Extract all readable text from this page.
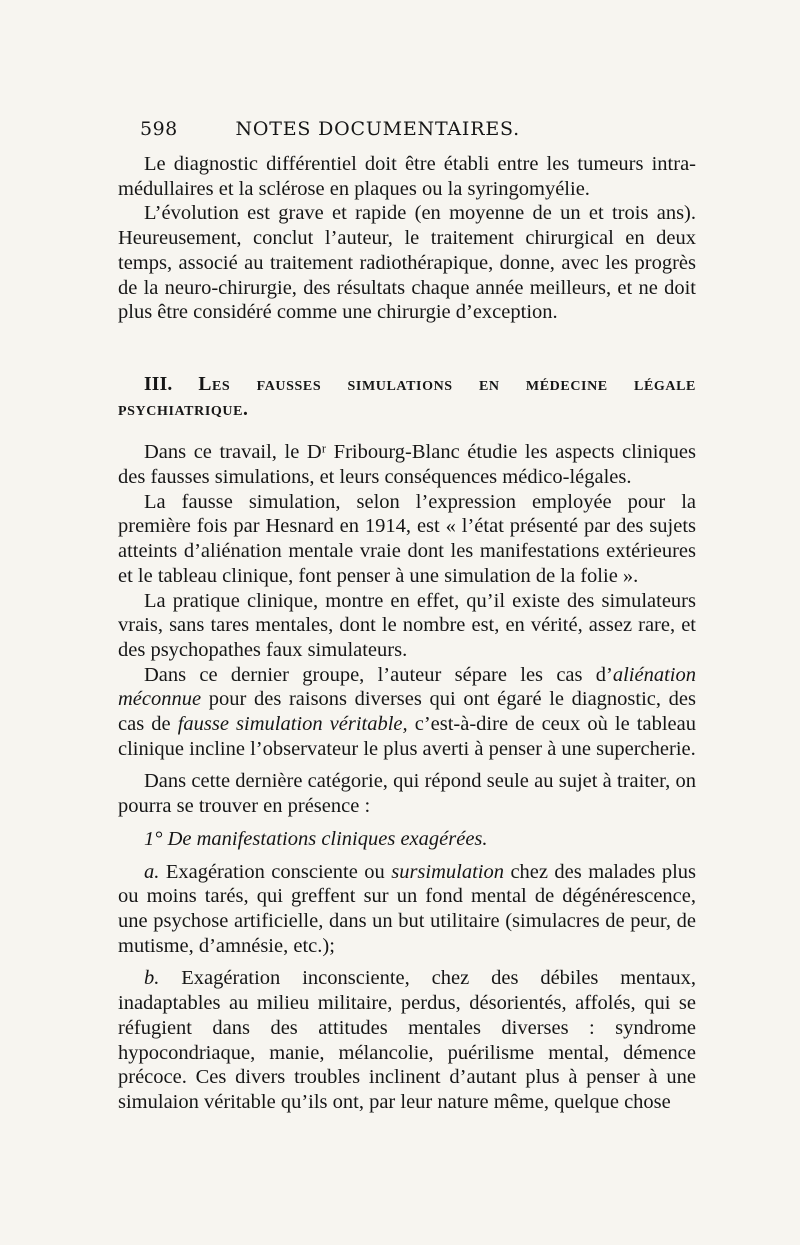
598	NOTES DOCUMENTAIRES.

Le diagnostic différentiel doit être établi entre les tumeurs intra-médullaires et la sclérose en plaques ou la syringomyélie.

L’évolution est grave et rapide (en moyenne de un et trois ans). Heureusement, conclut l’auteur, le traitement chirurgical en deux temps, associé au traitement radiothérapique, donne, avec les progrès de la neuro-chirurgie, des résultats chaque année meilleurs, et ne doit plus être considéré comme une chirurgie d’exception.

III. Les fausses simulations en médecine légale psychiatrique.

Dans ce travail, le Dʳ Fribourg-Blanc étudie les aspects cliniques des fausses simulations, et leurs conséquences médico-légales.

La fausse simulation, selon l’expression employée pour la première fois par Hesnard en 1914, est « l’état présenté par des sujets atteints d’aliénation mentale vraie dont les manifestations extérieures et le tableau clinique, font penser à une simulation de la folie ».

La pratique clinique, montre en effet, qu’il existe des simulateurs vrais, sans tares mentales, dont le nombre est, en vérité, assez rare, et des psychopathes faux simulateurs.

Dans ce dernier groupe, l’auteur sépare les cas d’aliénation méconnue pour des raisons diverses qui ont égaré le diagnostic, des cas de fausse simulation véritable, c’est-à-dire de ceux où le tableau clinique incline l’observateur le plus averti à penser à une supercherie.

Dans cette dernière catégorie, qui répond seule au sujet à traiter, on pourra se trouver en présence :

1° De manifestations cliniques exagérées.

a. Exagération consciente ou sursimulation chez des malades plus ou moins tarés, qui greffent sur un fond mental de dégénérescence, une psychose artificielle, dans un but utilitaire (simulacres de peur, de mutisme, d’amnésie, etc.);

b. Exagération inconsciente, chez des débiles mentaux, inadaptables au milieu militaire, perdus, désorientés, affolés, qui se réfugient dans des attitudes mentales diverses : syndrome hypocondriaque, manie, mélancolie, puérilisme mental, démence précoce. Ces divers troubles inclinent d’autant plus à penser à une simulaion véritable qu’ils ont, par leur nature même, quelque chose
